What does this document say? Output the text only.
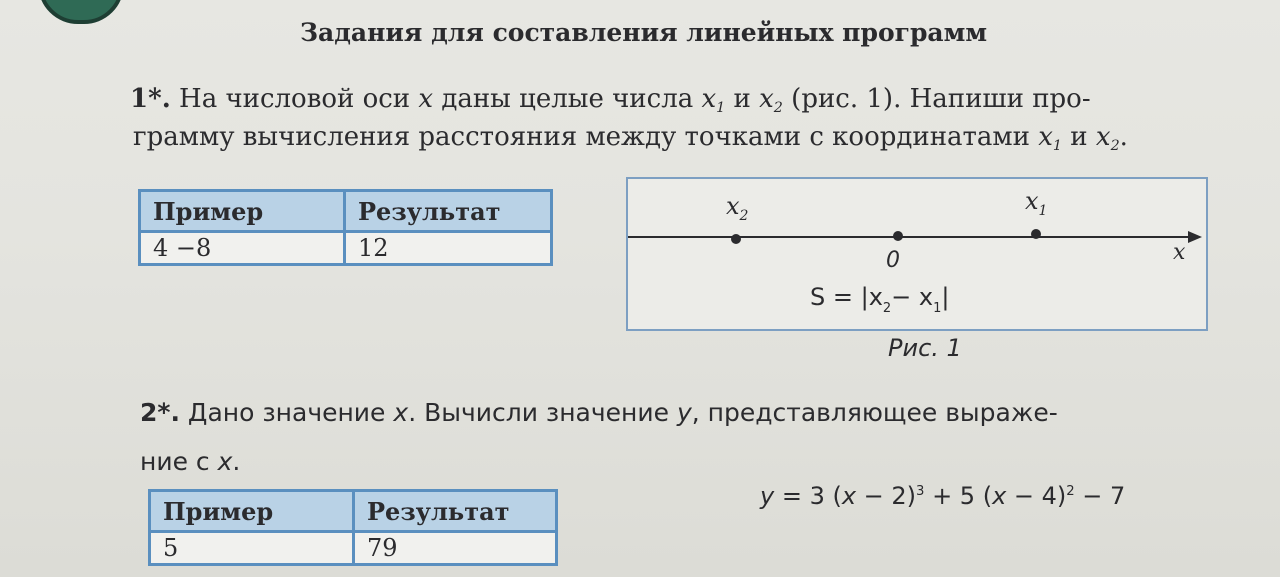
Задания для составления линейных программ
1*. На числовой оси x даны целые числа $x_1$ и $x_2$ (рис. 1). Напиши про-
грамму вычисления расстояния между точками с координатами $x_1$ и $x_2$.
Пример	Результат
4 −8	12
$x_2$
$x_1$
0	x
$S = |x_2- x_1|$
Рис. 1
2*. Дано значение x. Вычисли значение y, представляющее выраже-
ние с x.
Пример	Результат
5	79
y = 3 $(x - 2)^3 + 5$ $(x - 4)^2 - 7$
